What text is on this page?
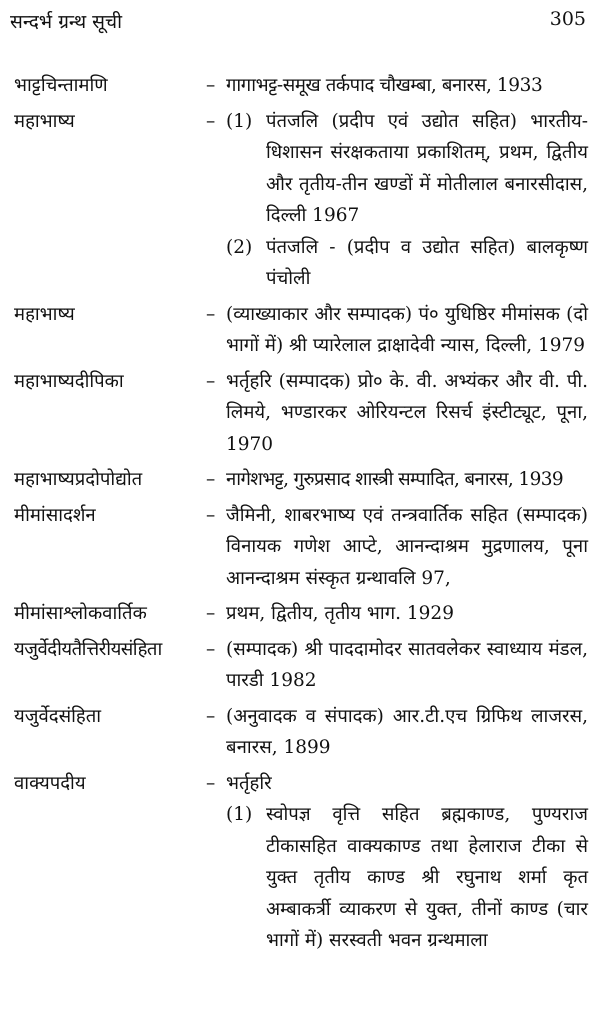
सन्दर्भ ग्रन्थ सूची	305
भाट्टचिन्तामणि	– गागाभट्ट-समूख तर्कपाद चौखम्बा, बनारस, 1933
महाभाष्य	– (1) पंतजलि (प्रदीप एवं उद्योत सहित) भारतीय-धिशासन संरक्षकताया प्रकाशितम्, प्रथम, द्वितीय और तृतीय-तीन खण्डों में मोतीलाल बनारसीदास, दिल्ली 1967
(2) पंतजलि - (प्रदीप व उद्योत सहित) बालकृष्ण पंचोली
महाभाष्य	– (व्याख्याकार और सम्पादक) पं० युधिष्ठिर मीमांसक (दो भागों में) श्री प्यारेलाल द्राक्षादेवी न्यास, दिल्ली, 1979
महाभाष्यदीपिका	– भर्तृहरि (सम्पादक) प्रो० के. वी. अभ्यंकर और वी. पी. लिमये, भण्डारकर ओरियन्टल रिसर्च इंस्टीट्यूट, पूना, 1970
महाभाष्यप्रदोपोद्योत	– नागेशभट्ट, गुरुप्रसाद शास्त्री सम्पादित, बनारस, 1939
मीमांसादर्शन	– जैमिनी, शाबरभाष्य एवं तन्त्रवार्तिक सहित (सम्पादक) विनायक गणेश आप्टे, आनन्दाश्रम मुद्रणालय, पूना आनन्दाश्रम संस्कृत ग्रन्थावलि 97,
मीमांसाश्लोकवार्तिक	– प्रथम, द्वितीय, तृतीय भाग. 1929
यजुर्वेदीयतैत्तिरीयसंहिता	– (सम्पादक) श्री पाददामोदर सातवलेकर स्वाध्याय मंडल, पारडी 1982
यजुर्वेदसंहिता	– (अनुवादक व संपादक) आर.टी.एच ग्रिफिथ लाजरस, बनारस, 1899
वाक्यपदीय	– भर्तृहरि
(1) स्वोपज्ञ वृत्ति सहित ब्रह्मकाण्ड, पुण्यराज टीकासहित वाक्यकाण्ड तथा हेलाराज टीका से युक्त तृतीय काण्ड श्री रघुनाथ शर्मा कृत अम्बाकर्त्री व्याकरण से युक्त, तीनों काण्ड (चार भागों में) सरस्वती भवन ग्रन्थमाला
